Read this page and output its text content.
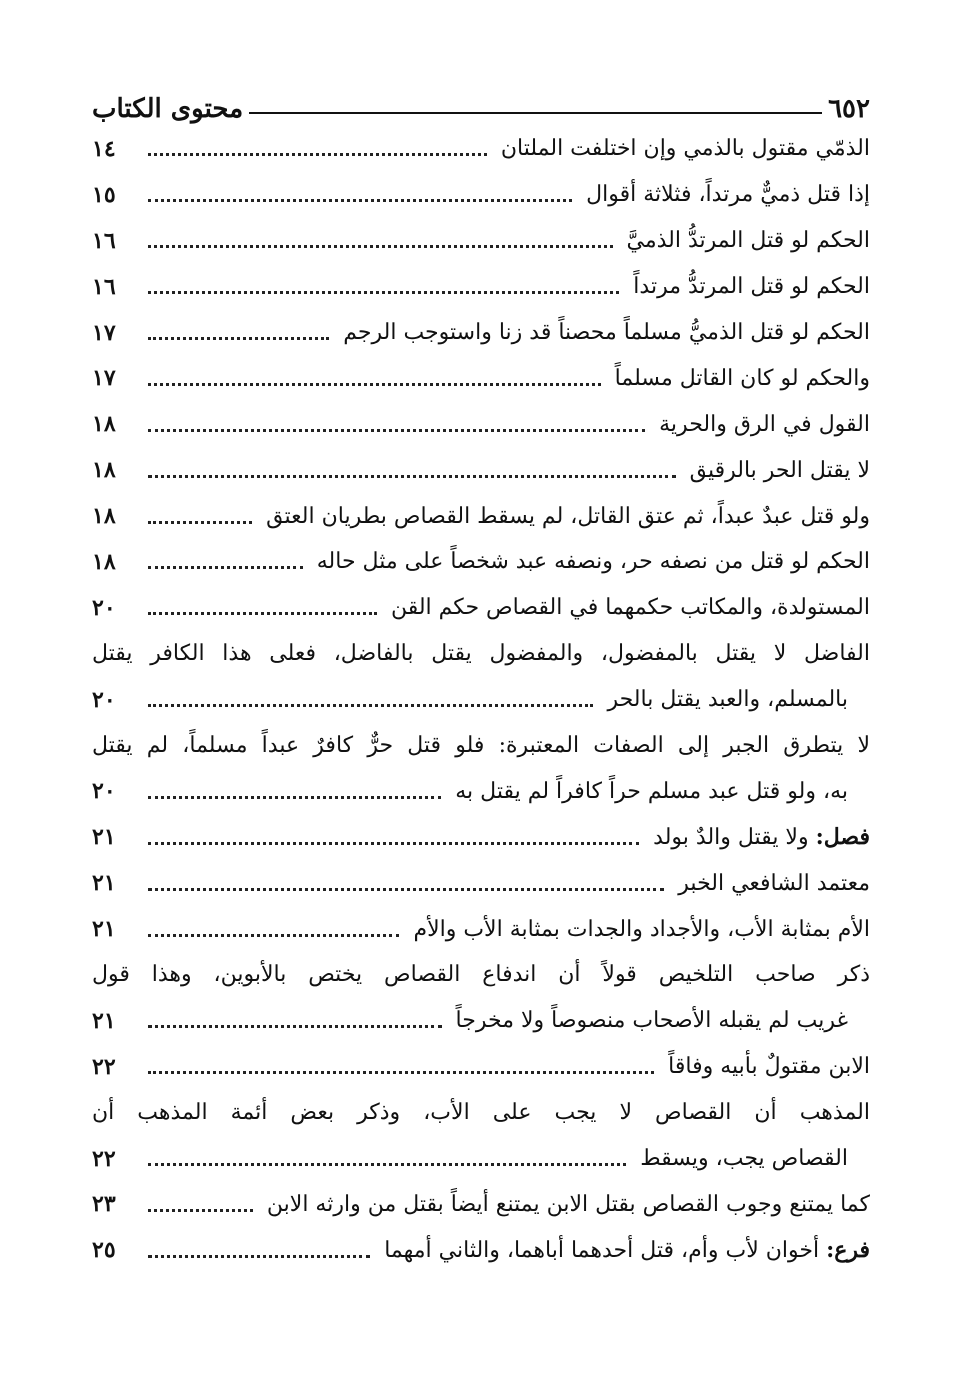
٦٥٢
محتوى الكتاب
الذمّي مقتول بالذمي وإن اختلفت الملتان
١٤
إذا قتل ذميٌّ مرتداً، فثلاثة أقوال
١٥
الحكم لو قتل المرتدُّ الذميَّ
١٦
الحكم لو قتل المرتدُّ مرتداً
١٦
الحكم لو قتل الذميُّ مسلماً محصناً قد زنا واستوجب الرجم
١٧
والحكم لو كان القاتل مسلماً
١٧
القول في الرق والحرية
١٨
لا يقتل الحر بالرقيق
١٨
ولو قتل عبدٌ عبداً، ثم عتق القاتل، لم يسقط القصاص بطريان العتق
١٨
الحكم لو قتل من نصفه حر، ونصفه عبد شخصاً على مثل حاله
١٨
المستولدة، والمكاتب حكمهما في القصاص حكم القن
٢٠
الفاضل لا يقتل بالمفضول، والمفضول يقتل بالفاضل، فعلى هذا الكافر يقتل
بالمسلم، والعبد يقتل بالحر
٢٠
لا يتطرق الجبر إلى الصفات المعتبرة: فلو قتل حرٌّ كافرٌ عبداً مسلماً، لم يقتل
به، ولو قتل عبد مسلم حراً كافراً لم يقتل به
٢٠
فصل: ولا يقتل والدٌ بولد
٢١
معتمد الشافعي الخبر
٢١
الأم بمثابة الأب، والأجداد والجدات بمثابة الأب والأم
٢١
ذكر صاحب التلخيص قولاً أن اندفاع القصاص يختص بالأبوين، وهذا قول
غريب لم يقبله الأصحاب منصوصاً ولا مخرجاً
٢١
الابن مقتولٌ بأبيه وفاقاً
٢٢
المذهب أن القصاص لا يجب على الأب، وذكر بعض أئمة المذهب أن
القصاص يجب، ويسقط
٢٢
كما يمتنع وجوب القصاص بقتل الابن يمتنع أيضاً بقتل من وارثه الابن
٢٣
فرع: أخوان لأب وأم، قتل أحدهما أباهما، والثاني أمهما
٢٥
